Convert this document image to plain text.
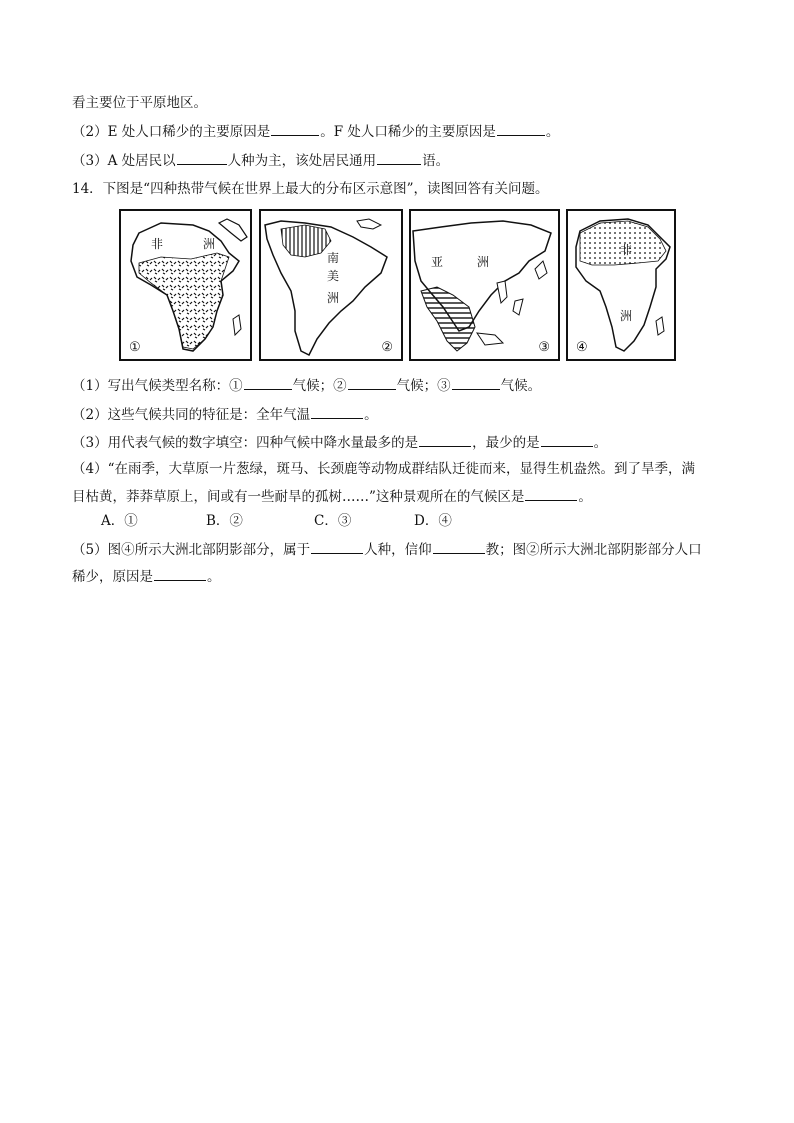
看主要位于平原地区。
（2）E 处人口稀少的主要原因是	。F 处人口稀少的主要原因是	。
（3）A 处居民以	人种为主，该处居民通用	语。
14．下图是“四种热带气候在世界上最大的分布区示意图”，读图回答有关问题。
非	洲
①
南
美
洲
②
亚	洲
③
非
洲
④
（1）写出气候类型名称：①	气候；②	气候；③	气候。
（2）这些气候共同的特征是：全年气温	。
（3）用代表气候的数字填空：四种气候中降水量最多的是	，最少的是	。
（4）“在雨季，大草原一片葱绿，斑马、长颈鹿等动物成群结队迁徙而来，显得生机盎然。到了旱季，满
目枯黄，莽莽草原上，间或有一些耐旱的孤树……”这种景观所在的气候区是	。
A．①	B．②	C．③	D．④
（5）图④所示大洲北部阴影部分，属于	人种，信仰	教；图②所示大洲北部阴影部分人口
稀少，原因是	。
